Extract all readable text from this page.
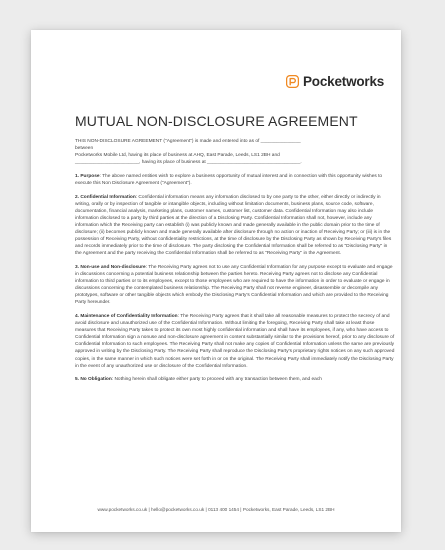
Pocketworks
MUTUAL NON-DISCLOSURE AGREEMENT

THIS NON-DISCLOSURE AGREEMENT ("Agreement") is made and entered into as of _______________

between

Pocketworks Mobile Ltd, having its place of business at AHQ, East Parade, Leeds, LS1 2BH and

________________________, having its place of business at ___________________________________.

1. Purpose: The above named entities wish to explore a business opportunity of mutual interest and in connection with this opportunity wishes to execute this Non Disclosure Agreement ("Agreement").

2. Confidential Information: Confidential information means any information disclosed to by one party to the other, either directly or indirectly in writing, orally or by inspection of tangible or intangible objects, including without limitation documents, business plans, source code, software, documentation, financial analysis, marketing plans, customer names, customer list, customer data. Confidential Information may also include information disclosed to a party by third parties at the direction of a Disclosing Party. Confidential Information shall not, however, include any information which the Receiving party can establish (i) was publicly known and made generally available in the public domain prior to the time of disclosure; (ii) becomes publicly known and made generally available after disclosure through no action or inaction of Receiving Party; or (iii) is in the possession of Receiving Party, without confidentiality restrictions, at the time of disclosure by the Disclosing Party as shown by Receiving Party's files and records immediately prior to the time of disclosure. The party disclosing the Confidential Information shall be referred to as "Disclosing Party" in the Agreement and the party receiving the Confidential Information shall be referred to as "Receiving Party" in the Agreement.

3. Non-use and Non-disclosure: The Receiving Party agrees not to use any Confidential Information for any purpose except to evaluate and engage in discussions concerning a potential business relationship between the parties hereto. Receiving Party agrees not to disclose any Confidential information to third parties or to its employees, except to those employees who are required to have the information in order to evaluate or engage in discussions concerning the contemplated business relationship. The Receiving Party shall not reverse engineer, disassemble or decompile any prototypes, software or other tangible objects which embody the Disclosing Party's Confidential Information and which are provided to the Receiving Party hereunder.

4. Maintenance of Confidentiality Information: The Receiving Party agrees that it shall take all reasonable measures to protect the secrecy of and avoid disclosure and unauthorized use of the Confidential Information. Without limiting the foregoing, Receiving Party shall take at least those measures that Receiving Party takes to protect its own most highly confidential information and shall have its employees, if any, who have access to Confidential Information sign a nonuse and non-disclosure agreement in content substantially similar to the provisions hereof, prior to any disclosure of Confidential Information to such employees. The Receiving Party shall not make any copies of Confidential Information unless the same are previously approved in writing by the Disclosing Party. The Receiving Party shall reproduce the Disclosing Party's proprietary rights notices on any such approved copies, in the same manner in which such notices were set forth in or on the original. The Receiving Party shall immediately notify the Disclosing Party in the event of any unauthorized use or disclosure of the Confidential Information.

5. No Obligation: Nothing herein shall obligate either party to proceed with any transaction between them, and each

www.pocketworks.co.uk | hello@pocketworks.co.uk | 0113 400 1454 | Pocketworks, East Parade, Leeds, LS1 2BH
